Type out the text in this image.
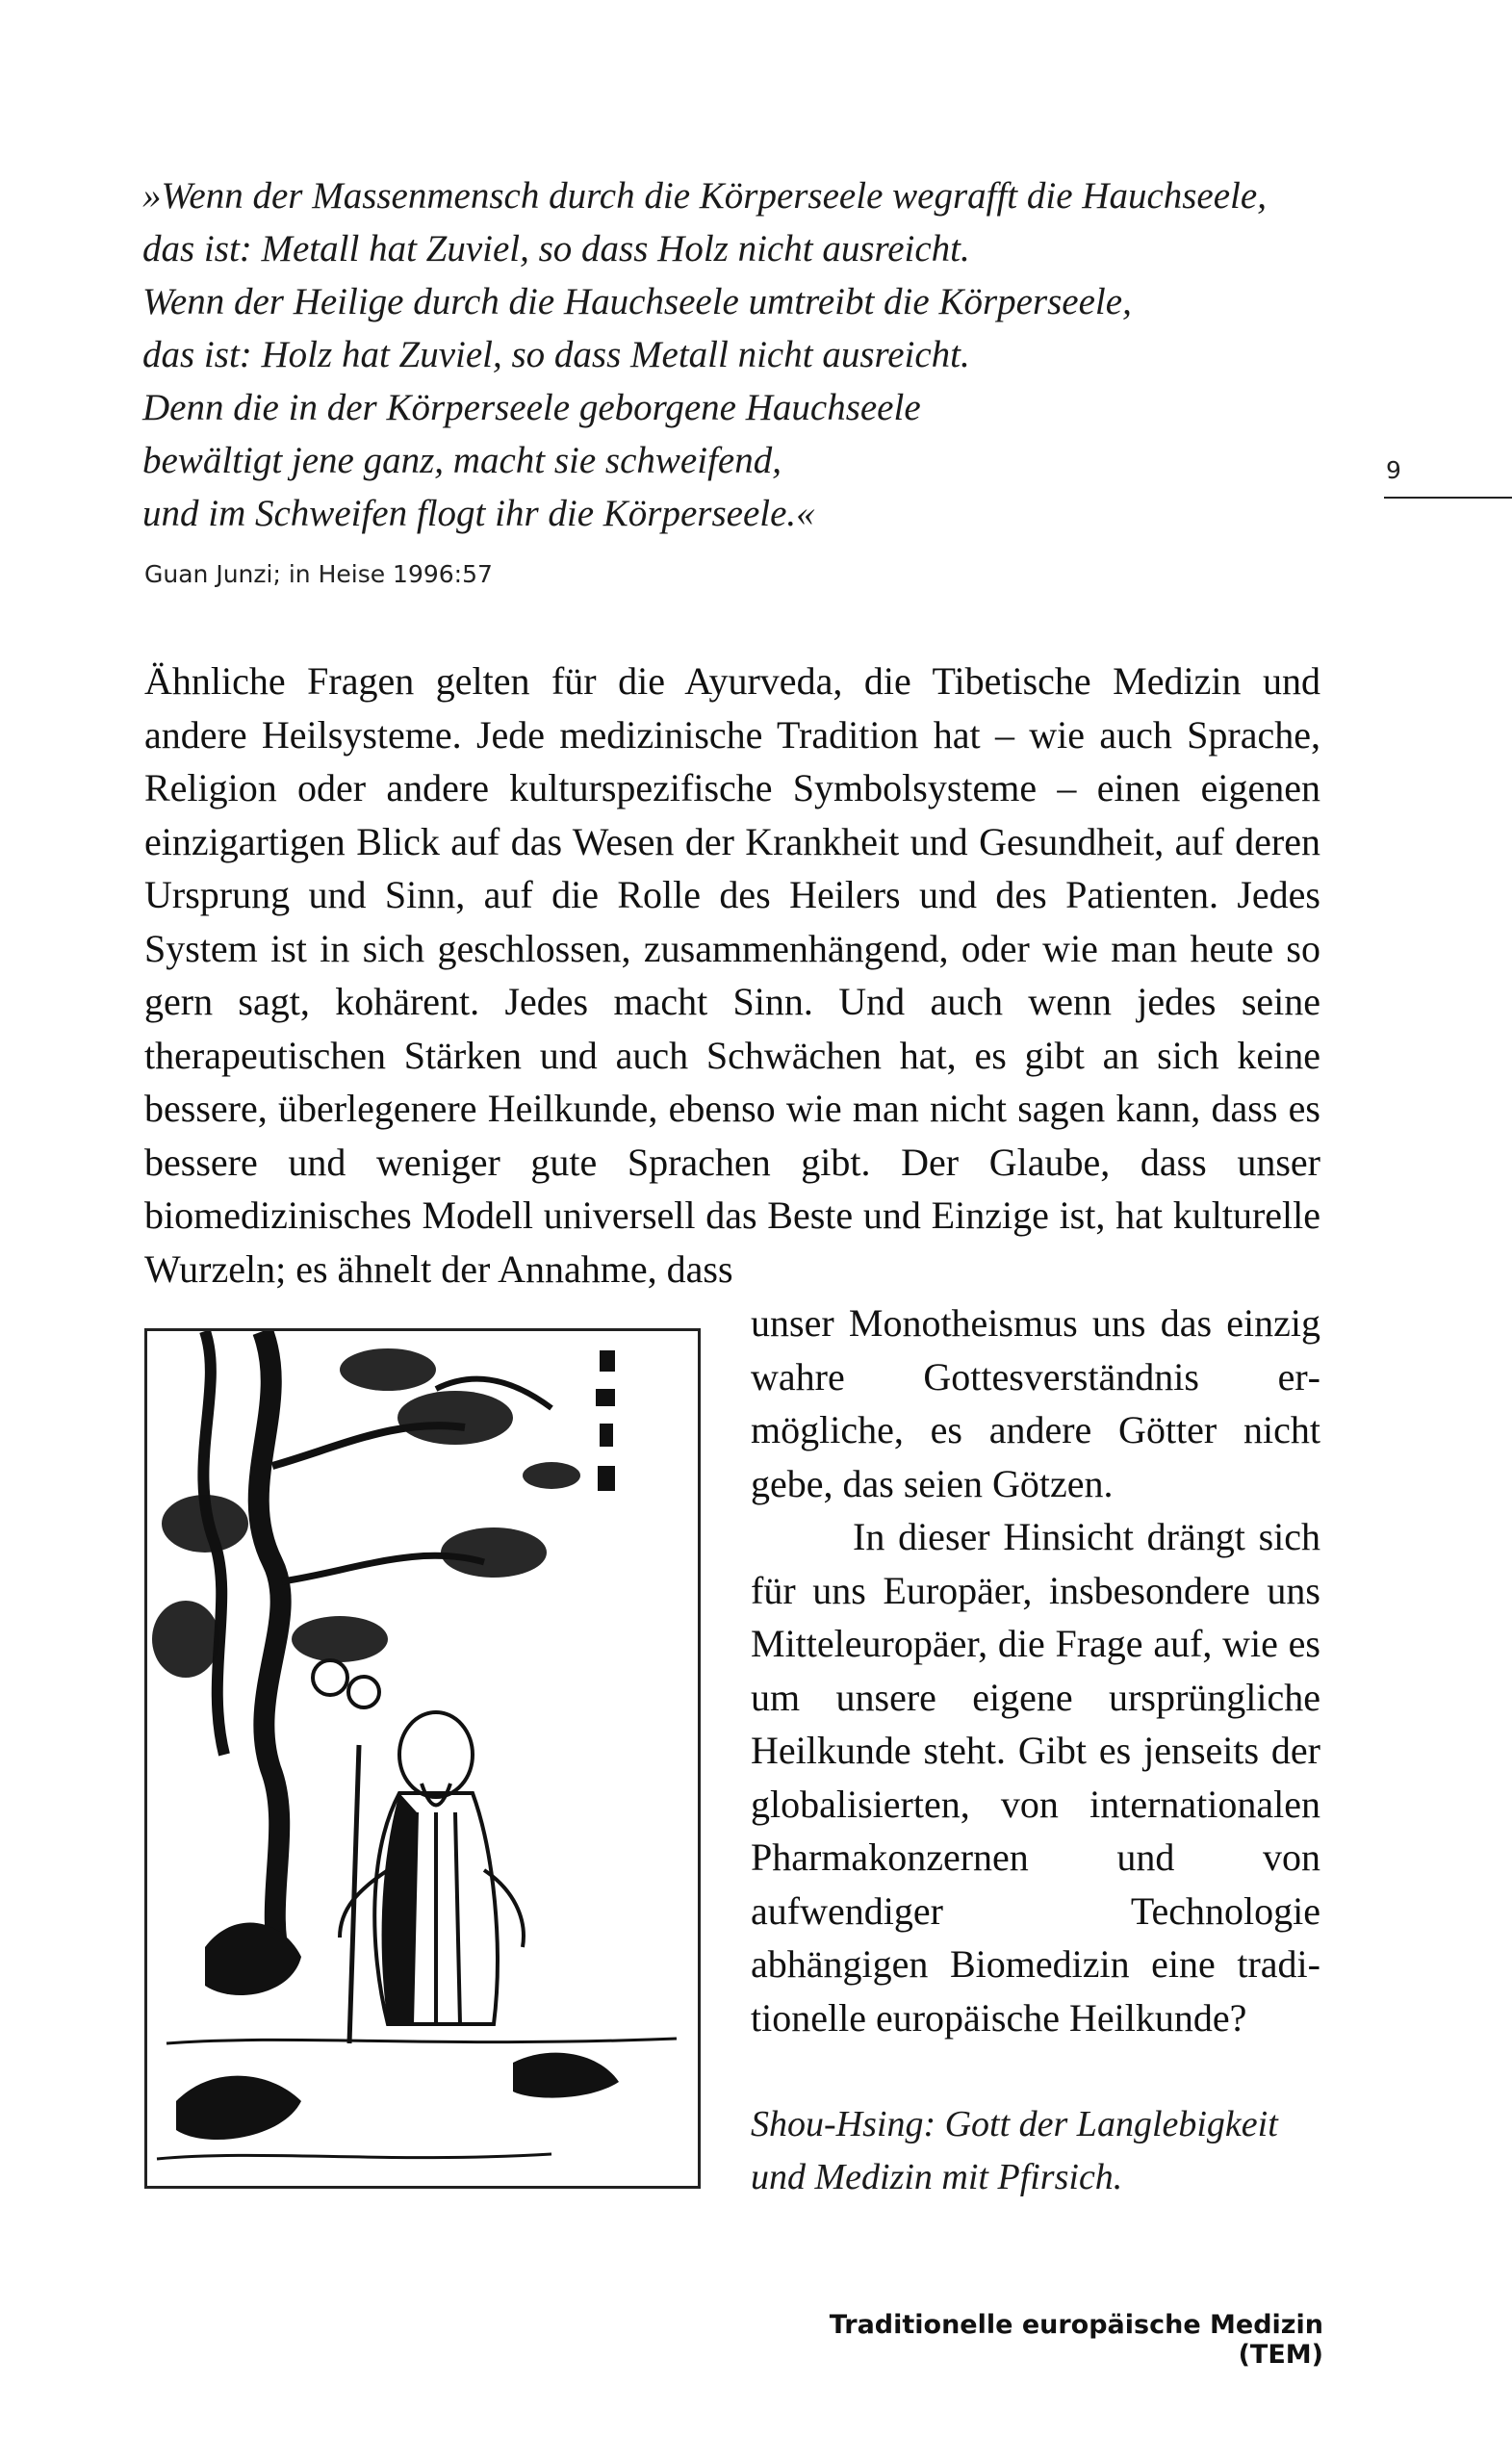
»Wenn der Massenmensch durch die Körperseele wegrafft die Hauchseele,
das ist: Metall hat Zuviel, so dass Holz nicht ausreicht.
Wenn der Heilige durch die Hauchseele umtreibt die Körperseele,
das ist: Holz hat Zuviel, so dass Metall nicht ausreicht.
Denn die in der Körperseele geborgene Hauchseele
bewältigt jene ganz, macht sie schweifend,
und im Schweifen flogt ihr die Körperseele.«
Guan Junzi; in Heise 1996:57
9

Ähnliche Fragen gelten für die Ayurveda, die Tibetische Medizin und andere Heilsysteme. Jede medizinische Tradition hat – wie auch Sprache, Religion oder andere kulturspezifische Symbolsysteme – einen eigenen einzigartigen Blick auf das Wesen der Krankheit und Gesundheit, auf deren Ursprung und Sinn, auf die Rolle des Heilers und des Patienten. Jedes System ist in sich geschlossen, zusammenhängend, oder wie man heute so gern sagt, kohärent. Jedes macht Sinn. Und auch wenn jedes seine therapeutischen Stärken und auch Schwächen hat, es gibt an sich keine bessere, überlegenere Heilkunde, ebenso wie man nicht sagen kann, dass es bessere und weniger gute Sprachen gibt. Der Glaube, dass unser biomedizinisches Modell universell das Beste und Einzige ist, hat kulturelle Wurzeln; es ähnelt der Annahme, dass

unser Monotheismus uns das einzig wahre Gottesverständnis ermögliche, es andere Götter nicht gebe, das seien Götzen.

In dieser Hinsicht drängt sich für uns Europäer, insbesondere uns Mitteleuropäer, die Frage auf, wie es um unsere eigene ursprüngliche Heilkunde steht. Gibt es jenseits der globalisierten, von internationalen Pharmakonzernen und von aufwendiger Technologie abhängigen Biomedizin eine traditionelle europäische Heilkunde?

Shou-Hsing: Gott der Langlebigkeit
und Medizin mit Pfirsich.
Traditionelle europäische Medizin (TEM)
